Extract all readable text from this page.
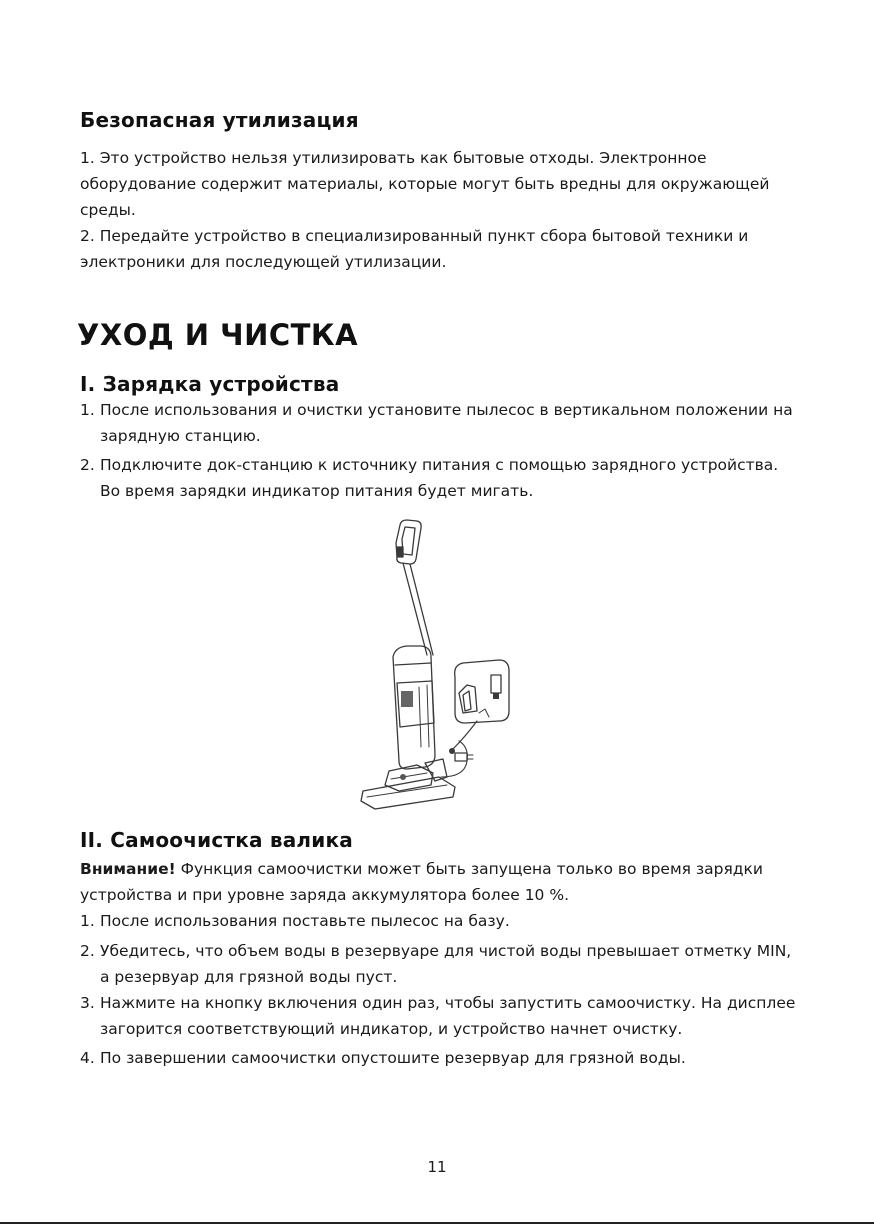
Безопасная утилизация

1. Это устройство нельзя утилизировать как бытовые отходы. Электронное оборудование содержит материалы, которые могут быть вредны для окружающей среды.

2. Передайте устройство в специализированный пункт сбора бытовой техники и электроники для последующей утилизации.

УХОД И ЧИСТКА
I. Зарядка устройства
1. После использования и очистки установите пылесос в вертикальном положении на зарядную станцию.
2. Подключите док-станцию к источнику питания с помощью зарядного устройства. Во время зарядки индикатор питания будет мигать.
II. Самоочистка валика

Внимание! Функция самоочистки может быть запущена только во время зарядки устройства и при уровне заряда аккумулятора более 10 %.

1. После использования поставьте пылесос на базу.
2. Убедитесь, что объем воды в резервуаре для чистой воды превышает отметку MIN, а резервуар для грязной воды пуст.
3. Нажмите на кнопку включения один раз, чтобы запустить самоочистку. На дисплее загорится соответствующий индикатор, и устройство начнет очистку.
4. По завершении самоочистки опустошите резервуар для грязной воды.
11
